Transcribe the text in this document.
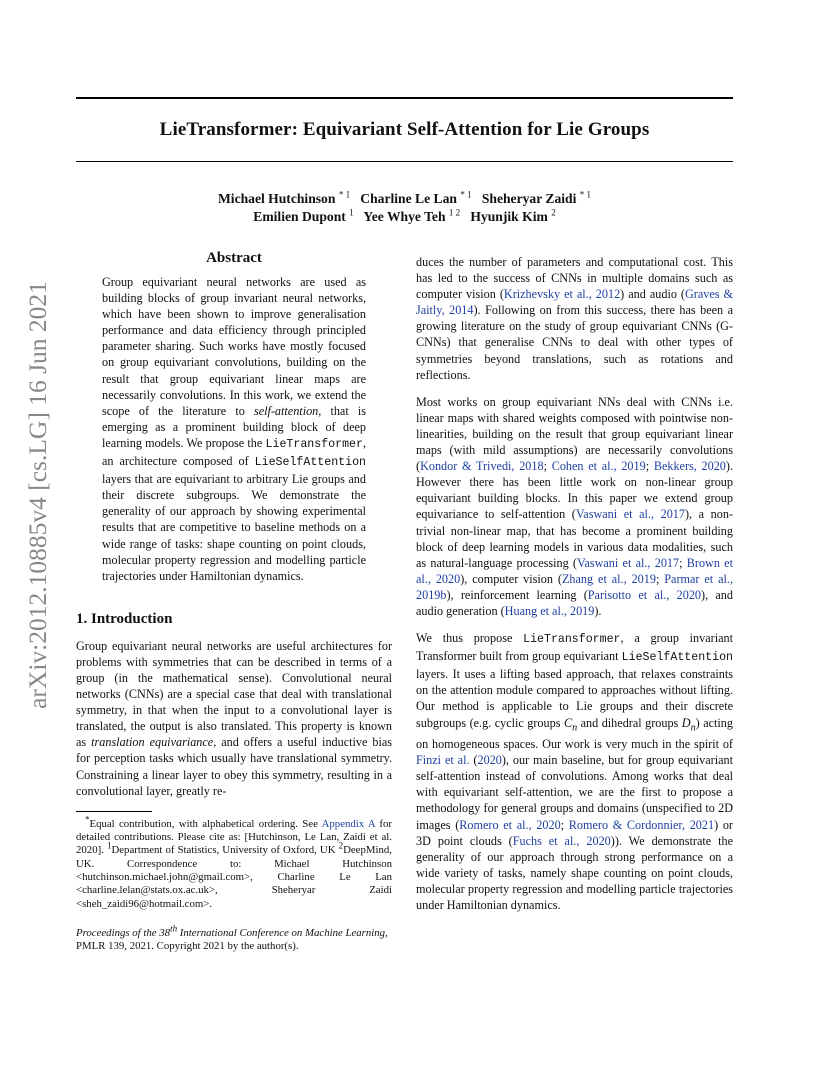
LieTransformer: Equivariant Self-Attention for Lie Groups
Michael Hutchinson $^{* 1}$ Charline Le Lan $^{* 1}$ Sheheryar Zaidi $^{* 1}$
Emilien Dupont $^1$ Yee Whye Teh $^{1 2}$ Hyunjik Kim $^2$
arXiv:2012.10885v4 [cs.LG] 16 Jun 2021
Abstract
Group equivariant neural networks are used as building blocks of group invariant neural networks, which have been shown to improve generalisation performance and data efficiency through principled parameter sharing. Such works have mostly focused on group equivariant convolutions, building on the result that group equivariant linear maps are necessarily convolutions. In this work, we extend the scope of the literature to self-attention, that is emerging as a prominent building block of deep learning models. We propose the LieTransformer, an architecture composed of LieSelfAttention layers that are equivariant to arbitrary Lie groups and their discrete subgroups. We demonstrate the generality of our approach by showing experimental results that are competitive to baseline methods on a wide range of tasks: shape counting on point clouds, molecular property regression and modelling particle trajectories under Hamiltonian dynamics.
1. Introduction

Group equivariant neural networks are useful architectures for problems with symmetries that can be described in terms of a group (in the mathematical sense). Convolutional neural networks (CNNs) are a special case that deal with translational symmetry, in that when the input to a convolutional layer is translated, the output is also translated. This property is known as translation equivariance, and offers a useful inductive bias for perception tasks which usually have translational symmetry. Constraining a linear layer to obey this symmetry, resulting in a convolutional layer, greatly re-

*Equal contribution, with alphabetical ordering. See Appendix A for detailed contributions. Please cite as: [Hutchinson, Le Lan, Zaidi et al. 2020]. $^1$Department of Statistics, University of Oxford, UK $^2$DeepMind, UK. Correspondence to: Michael Hutchinson <hutchinson.michael.john@gmail.com>, Charline Le Lan <charline.lelan@stats.ox.ac.uk>, Sheheryar Zaidi <sheh_zaidi96@hotmail.com>.

Proceedings of the 38th International Conference on Machine Learning, PMLR 139, 2021. Copyright 2021 by the author(s).

duces the number of parameters and computational cost. This has led to the success of CNNs in multiple domains such as computer vision (Krizhevsky et al., 2012) and audio (Graves & Jaitly, 2014). Following on from this success, there has been a growing literature on the study of group equivariant CNNs (G-CNNs) that generalise CNNs to deal with other types of symmetries beyond translations, such as rotations and reflections.

Most works on group equivariant NNs deal with CNNs i.e. linear maps with shared weights composed with pointwise non-linearities, building on the result that group equivariant linear maps (with mild assumptions) are necessarily convolutions (Kondor & Trivedi, 2018; Cohen et al., 2019; Bekkers, 2020). However there has been little work on non-linear group equivariant building blocks. In this paper we extend group equivariance to self-attention (Vaswani et al., 2017), a non-trivial non-linear map, that has become a prominent building block of deep learning models in various data modalities, such as natural-language processing (Vaswani et al., 2017; Brown et al., 2020), computer vision (Zhang et al., 2019; Parmar et al., 2019b), reinforcement learning (Parisotto et al., 2020), and audio generation (Huang et al., 2019).

We thus propose LieTransformer, a group invariant Transformer built from group equivariant LieSelfAttention layers. It uses a lifting based approach, that relaxes constraints on the attention module compared to approaches without lifting. Our method is applicable to Lie groups and their discrete subgroups (e.g. cyclic groups $C_n$ and dihedral groups $D_n$) acting on homogeneous spaces. Our work is very much in the spirit of Finzi et al. (2020), our main baseline, but for group equivariant self-attention instead of convolutions. Among works that deal with equivariant self-attention, we are the first to propose a methodology for general groups and domains (unspecified to 2D images (Romero et al., 2020; Romero & Cordonnier, 2021) or 3D point clouds (Fuchs et al., 2020)). We demonstrate the generality of our approach through strong performance on a wide variety of tasks, namely shape counting on point clouds, molecular property regression and modelling particle trajectories under Hamiltonian dynamics.
